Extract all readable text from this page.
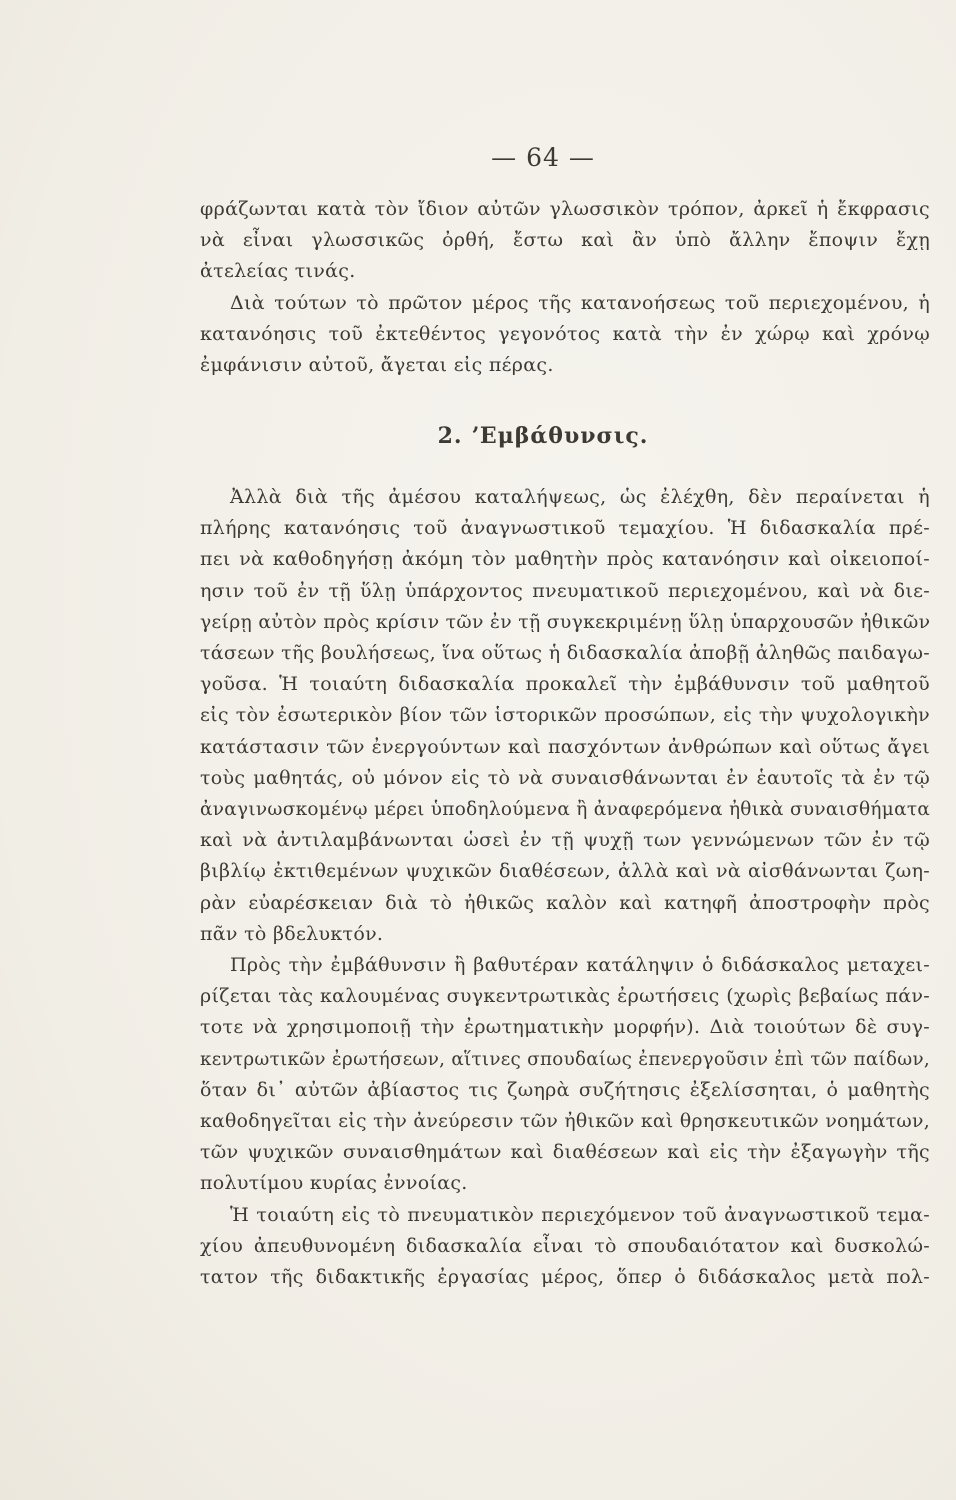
— 64 —
φράζωνται κατὰ τὸν ἴδιον αὐτῶν γλωσσικὸν τρόπον, ἀρκεῖ ἡ ἔκφρασις
νὰ εἶναι γλωσσικῶς ὀρθή, ἔστω καὶ ἂν ὑπὸ ἄλλην ἔποψιν ἔχῃ
ἀτελείας τινάς.
Διὰ τούτων τὸ πρῶτον μέρος τῆς κατανοήσεως τοῦ περιεχομένου, ἡ
κατανόησις τοῦ ἐκτεθέντος γεγονότος κατὰ τὴν ἐν χώρῳ καὶ χρόνῳ
ἐμφάνισιν αὐτοῦ, ἄγεται εἰς πέρας.
2. ʼΕμβάθυνσις.
Ἀλλὰ διὰ τῆς ἀμέσου καταλήψεως, ὡς ἐλέχθη, δὲν περαίνεται ἡ
πλήρης κατανόησις τοῦ ἀναγνωστικοῦ τεμαχίου. Ἡ διδασκαλία πρέ-
πει νὰ καθοδηγήσῃ ἀκόμη τὸν μαθητὴν πρὸς κατανόησιν καὶ οἰκειοποί-
ησιν τοῦ ἐν τῇ ὕλῃ ὑπάρχοντος πνευματικοῦ περιεχομένου, καὶ νὰ διε-
γείρῃ αὐτὸν πρὸς κρίσιν τῶν ἐν τῇ συγκεκριμένῃ ὕλῃ ὑπαρχουσῶν ἠθικῶν
τάσεων τῆς βουλήσεως, ἵνα οὕτως ἡ διδασκαλία ἀποβῇ ἀληθῶς παιδαγω-
γοῦσα. Ἡ τοιαύτη διδασκαλία προκαλεῖ τὴν ἐμβάθυνσιν τοῦ μαθητοῦ
εἰς τὸν ἐσωτερικὸν βίον τῶν ἱστορικῶν προσώπων, εἰς τὴν ψυχολογικὴν
κατάστασιν τῶν ἐνεργούντων καὶ πασχόντων ἀνθρώπων καὶ οὕτως ἄγει
τοὺς μαθητάς, οὐ μόνον εἰς τὸ νὰ συναισθάνωνται ἐν ἑαυτοῖς τὰ ἐν τῷ
ἀναγινωσκομένῳ μέρει ὑποδηλούμενα ἢ ἀναφερόμενα ἠθικὰ συναισθήματα
καὶ νὰ ἀντιλαμβάνωνται ὡσεὶ ἐν τῇ ψυχῇ των γεννώμενων τῶν ἐν τῷ
βιβλίῳ ἐκτιθεμένων ψυχικῶν διαθέσεων, ἀλλὰ καὶ νὰ αἰσθάνωνται ζωη-
ρὰν εὐαρέσκειαν διὰ τὸ ἠθικῶς καλὸν καὶ κατηφῆ ἀποστροφὴν πρὸς
πᾶν τὸ βδελυκτόν.
Πρὸς τὴν ἐμβάθυνσιν ἢ βαθυτέραν κατάληψιν ὁ διδάσκαλος μεταχει-
ρίζεται τὰς καλουμένας συγκεντρωτικὰς ἐρωτήσεις (χωρὶς βεβαίως πάν-
τοτε νὰ χρησιμοποιῇ τὴν ἐρωτηματικὴν μορφήν). Διὰ τοιούτων δὲ συγ-
κεντρωτικῶν ἐρωτήσεων, αἵτινες σπουδαίως ἐπενεργοῦσιν ἐπὶ τῶν παίδων,
ὅταν δι᾽ αὐτῶν ἀβίαστος τις ζωηρὰ συζήτησις ἐξελίσσηται, ὁ μαθητὴς
καθοδηγεῖται εἰς τὴν ἀνεύρεσιν τῶν ἠθικῶν καὶ θρησκευτικῶν νοημάτων,
τῶν ψυχικῶν συναισθημάτων καὶ διαθέσεων καὶ εἰς τὴν ἐξαγωγὴν τῆς
πολυτίμου κυρίας ἐννοίας.
Ἡ τοιαύτη εἰς τὸ πνευματικὸν περιεχόμενον τοῦ ἀναγνωστικοῦ τεμα-
χίου ἀπευθυνομένη διδασκαλία εἶναι τὸ σπουδαιότατον καὶ δυσκολώ-
τατον τῆς διδακτικῆς ἐργασίας μέρος, ὅπερ ὁ διδάσκαλος μετὰ πολ-
